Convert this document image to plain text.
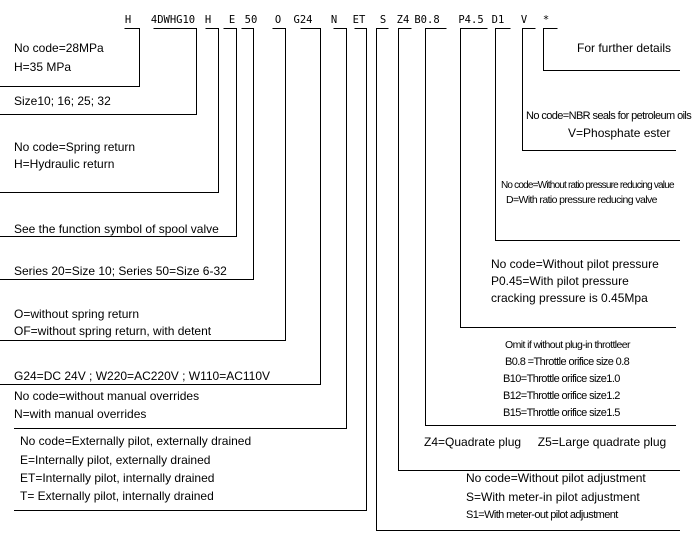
H 4DWHG10 H E 50 O G24 N ET S Z4 B0.8 P4.5 D1 V *
No code=28MPa
H=35 MPa
Size10; 16; 25; 32
No code=Spring return
H=Hydraulic return
See the function symbol of spool valve
Series 20=Size 10; Series 50=Size 6-32
O=without spring return
OF=without spring return, with detent
G24=DC 24V ; W220=AC220V ; W110=AC110V
No code=without manual overrides
N=with manual overrides
No code=Externally pilot, externally drained
E=Internally pilot, externally drained
ET=Internally pilot, internally drained
T= Externally pilot, internally drained
For further details
No code=NBR seals for petroleum oils
V=Phosphate ester
No code=Without ratio pressure reducing value
D=With ratio pressure reducing valve
No code=Without pilot pressure
P0.45=With pilot pressure
cracking pressure is 0.45Mpa
Omit if without plug-in throttleer
B0.8 =Throttle orifice size 0.8
B10=Throttle orifice size1.0
B12=Throttle orifice size1.2
B15=Throttle orifice size1.5
Z4=Quadrate plug     Z5=Large quadrate plug
No code=Without pilot adjustment
S=With meter-in pilot adjustment
S1=With meter-out pilot adjustment
